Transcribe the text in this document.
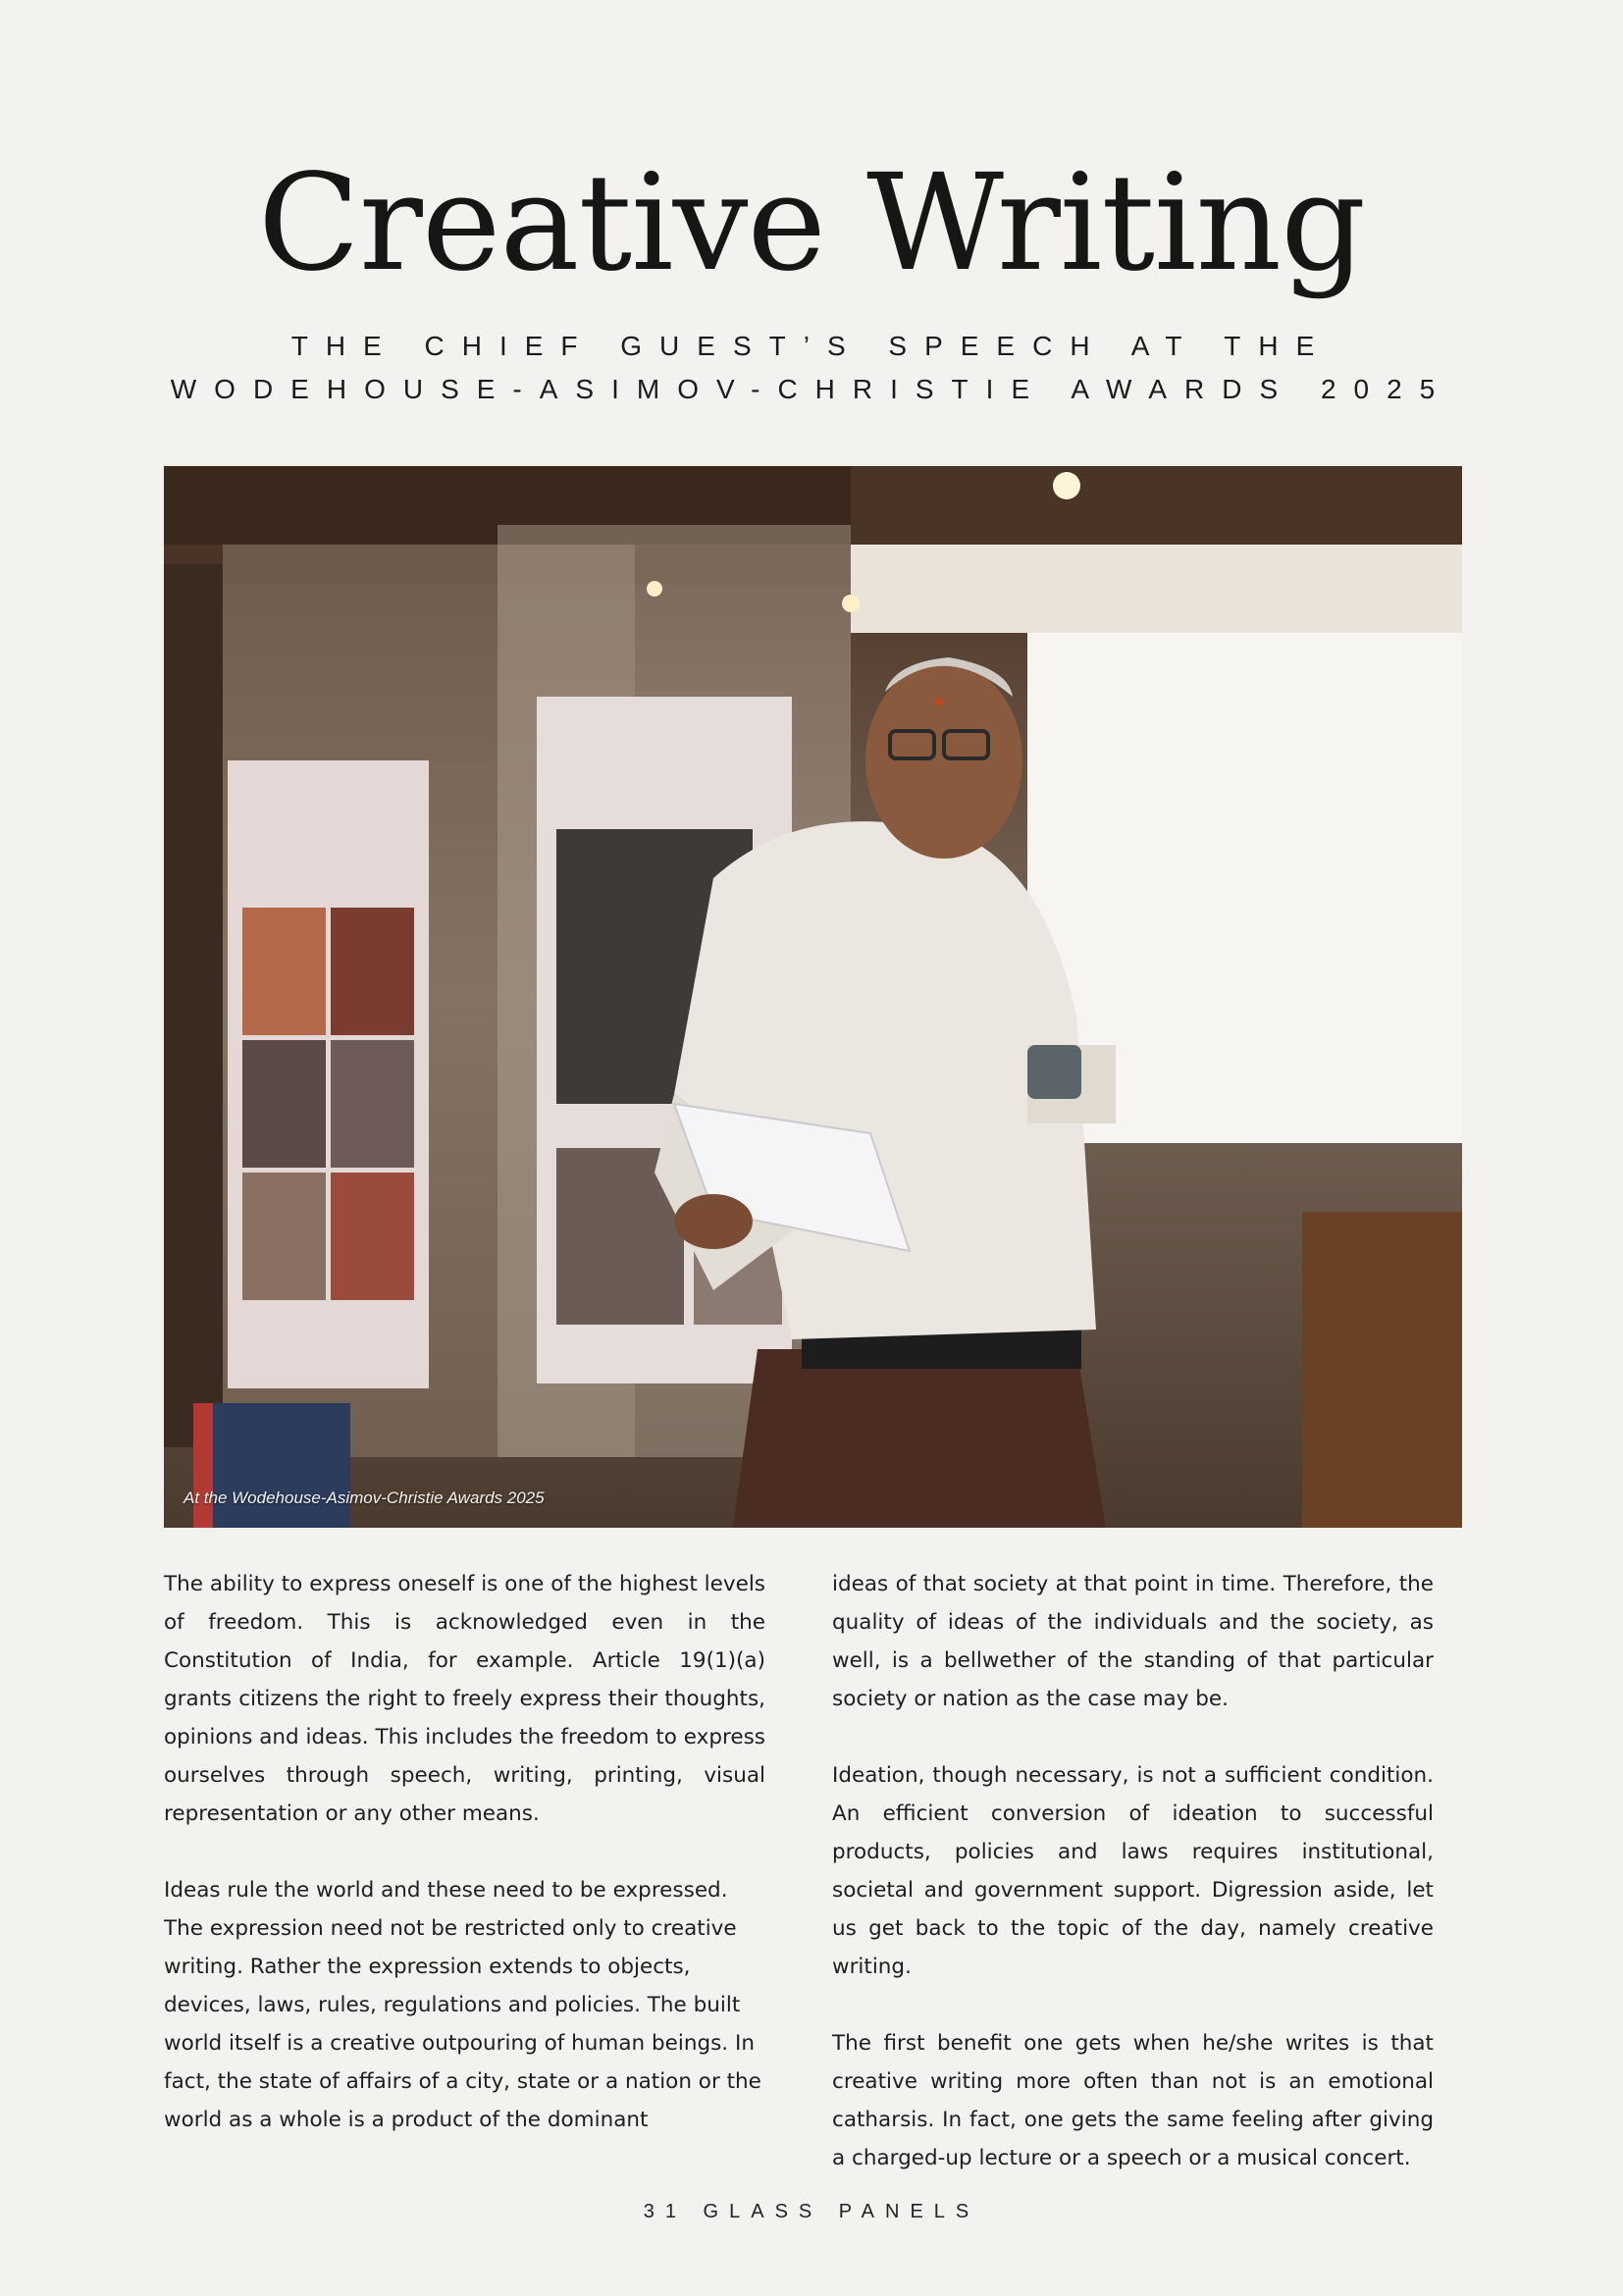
Creative Writing
THE CHIEF GUEST’S SPEECH AT THE
WODEHOUSE-ASIMOV-CHRISTIE AWARDS 2025
At the Wodehouse-Asimov-Christie Awards 2025

The ability to express oneself is one of the highest levels of freedom. This is acknowledged even in the Constitution of India, for example. Article 19(1)(a) grants citizens the right to freely express their thoughts, opinions and ideas. This includes the freedom to express ourselves through speech, writing, printing, visual representation or any other means.

Ideas rule the world and these need to be expressed. The expression need not be restricted only to creative writing. Rather the expression extends to objects, devices, laws, rules, regulations and policies. The built world itself is a creative outpouring of human beings. In fact, the state of affairs of a city, state or a nation or the world as a whole is a product of the dominant

ideas of that society at that point in time. Therefore, the quality of ideas of the individuals and the society, as well, is a bellwether of the standing of that particular society or nation as the case may be.

Ideation, though necessary, is not a sufficient condition. An efficient conversion of ideation to successful products, policies and laws requires institutional, societal and government support. Digression aside, let us get back to the topic of the day, namely creative writing.

The first benefit one gets when he/she writes is that creative writing more often than not is an emotional catharsis. In fact, one gets the same feeling after giving a charged-up lecture or a speech or a musical concert.

31 GLASS PANELS
